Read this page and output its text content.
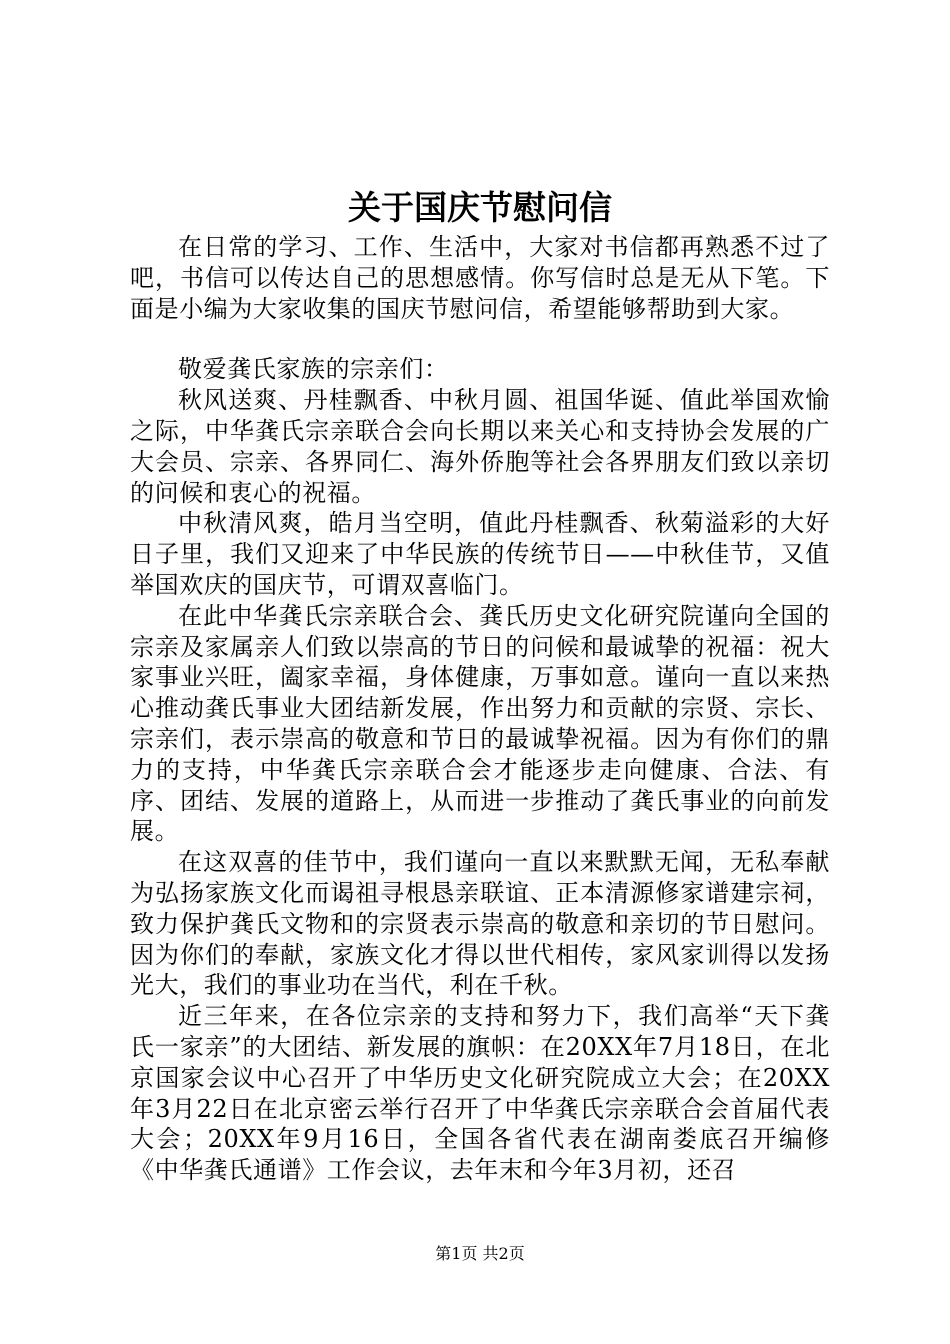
关于国庆节慰问信

在日常的学习、工作、生活中，大家对书信都再熟悉不过了吧，书信可以传达自己的思想感情。你写信时总是无从下笔。下面是小编为大家收集的国庆节慰问信，希望能够帮助到大家。

敬爱龚氏家族的宗亲们：

秋风送爽、丹桂飘香、中秋月圆、祖国华诞、值此举国欢愉之际，中华龚氏宗亲联合会向长期以来关心和支持协会发展的广大会员、宗亲、各界同仁、海外侨胞等社会各界朋友们致以亲切的问候和衷心的祝福。

中秋清风爽，皓月当空明，值此丹桂飘香、秋菊溢彩的大好日子里，我们又迎来了中华民族的传统节日——中秋佳节，又值举国欢庆的国庆节，可谓双喜临门。

在此中华龚氏宗亲联合会、龚氏历史文化研究院谨向全国的宗亲及家属亲人们致以崇高的节日的问候和最诚挚的祝福：祝大家事业兴旺，阖家幸福，身体健康，万事如意。谨向一直以来热心推动龚氏事业大团结新发展，作出努力和贡献的宗贤、宗长、宗亲们，表示崇高的敬意和节日的最诚挚祝福。因为有你们的鼎力的支持，中华龚氏宗亲联合会才能逐步走向健康、合法、有序、团结、发展的道路上，从而进一步推动了龚氏事业的向前发展。

在这双喜的佳节中，我们谨向一直以来默默无闻，无私奉献为弘扬家族文化而谒祖寻根恳亲联谊、正本清源修家谱建宗祠，致力保护龚氏文物和的宗贤表示崇高的敬意和亲切的节日慰问。因为你们的奉献，家族文化才得以世代相传，家风家训得以发扬光大，我们的事业功在当代，利在千秋。

近三年来，在各位宗亲的支持和努力下，我们高举“天下龚氏一家亲”的大团结、新发展的旗帜：在20XX年7月18日，在北京国家会议中心召开了中华历史文化研究院成立大会；在20XX年3月22日在北京密云举行召开了中华龚氏宗亲联合会首届代表大会；20XX年9月16日，全国各省代表在湖南娄底召开编修《中华龚氏通谱》工作会议，去年末和今年3月初，还召

第1页 共2页
